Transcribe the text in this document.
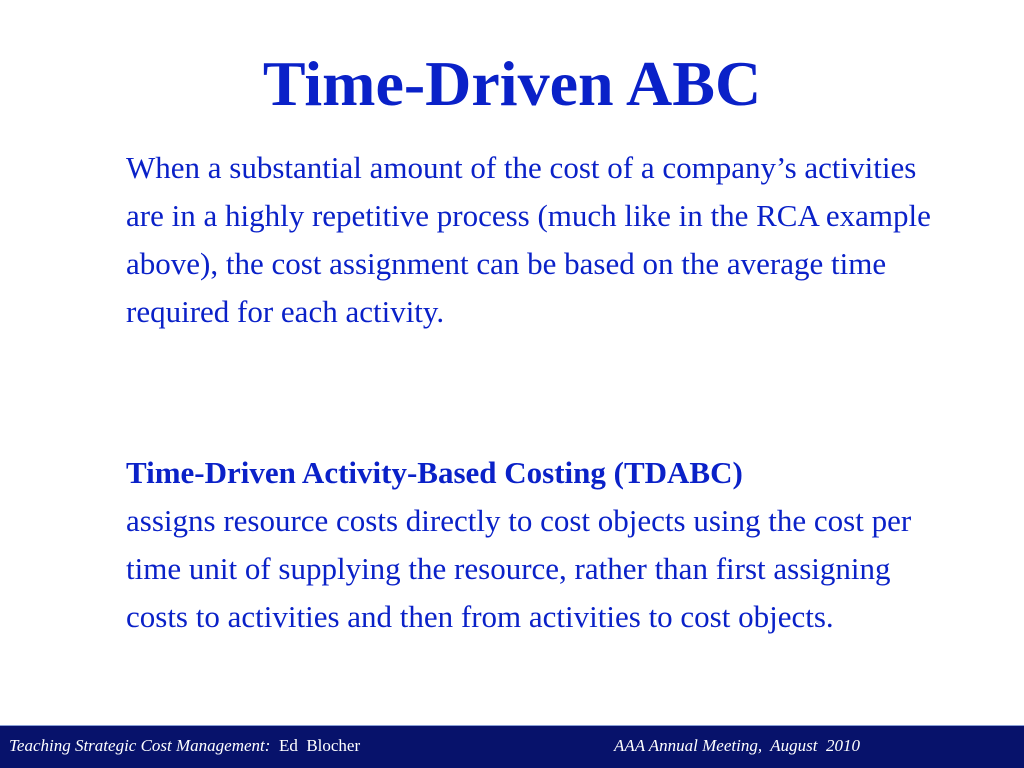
Time-Driven ABC

When a substantial amount of the cost of a company’s activities are in a highly repetitive process (much like in the RCA example above), the cost assignment can be based on the average time required for each activity.

Time-Driven Activity-Based Costing (TDABC)
assigns resource costs directly to cost objects using the cost per time unit of supplying the resource, rather than first assigning costs to activities and then from activities to cost objects.

Teaching Strategic Cost Management:  Ed  Blocher	AAA Annual Meeting,  August  2010
